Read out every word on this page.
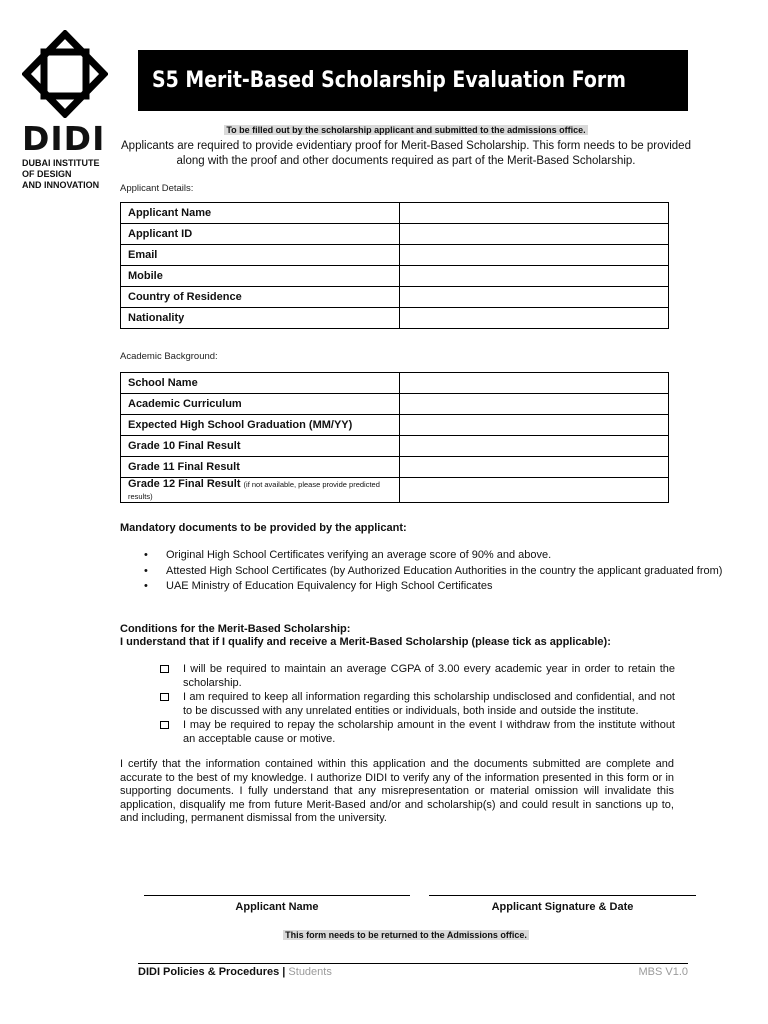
DIDI
DUBAI INSTITUTE
OF DESIGN
AND INNOVATION
S5 Merit-Based Scholarship Evaluation Form
To be filled out by the scholarship applicant and submitted to the admissions office.
Applicants are required to provide evidentiary proof for Merit-Based Scholarship. This form needs to be provided along with the proof and other documents required as part of the Merit-Based Scholarship.
Applicant Details:
Applicant Name	
Applicant ID	
Email	
Mobile	
Country of Residence	
Nationality	
Academic Background:
School Name	
Academic Curriculum	
Expected High School Graduation (MM/YY)	
Grade 10 Final Result	
Grade 11 Final Result	
Grade 12 Final Result (if not available, please provide predicted results)	
Mandatory documents to be provided by the applicant:
• Original High School Certificates verifying an average score of 90% and above.
• Attested High School Certificates (by Authorized Education Authorities in the country the applicant graduated from)
• UAE Ministry of Education Equivalency for High School Certificates
Conditions for the Merit-Based Scholarship:
I understand that if I qualify and receive a Merit-Based Scholarship (please tick as applicable):
I will be required to maintain an average CGPA of 3.00 every academic year in order to retain the scholarship.
I am required to keep all information regarding this scholarship undisclosed and confidential, and not to be discussed with any unrelated entities or individuals, both inside and outside the institute.
I may be required to repay the scholarship amount in the event I withdraw from the institute without an acceptable cause or motive.
I certify that the information contained within this application and the documents submitted are complete and accurate to the best of my knowledge. I authorize DIDI to verify any of the information presented in this form or in supporting documents. I fully understand that any misrepresentation or material omission will invalidate this application, disqualify me from future Merit-Based and/or and scholarship(s) and could result in sanctions up to, and including, permanent dismissal from the university.
Applicant Name	Applicant Signature & Date
This form needs to be returned to the Admissions office.
DIDI Policies & Procedures | Students	MBS V1.0
